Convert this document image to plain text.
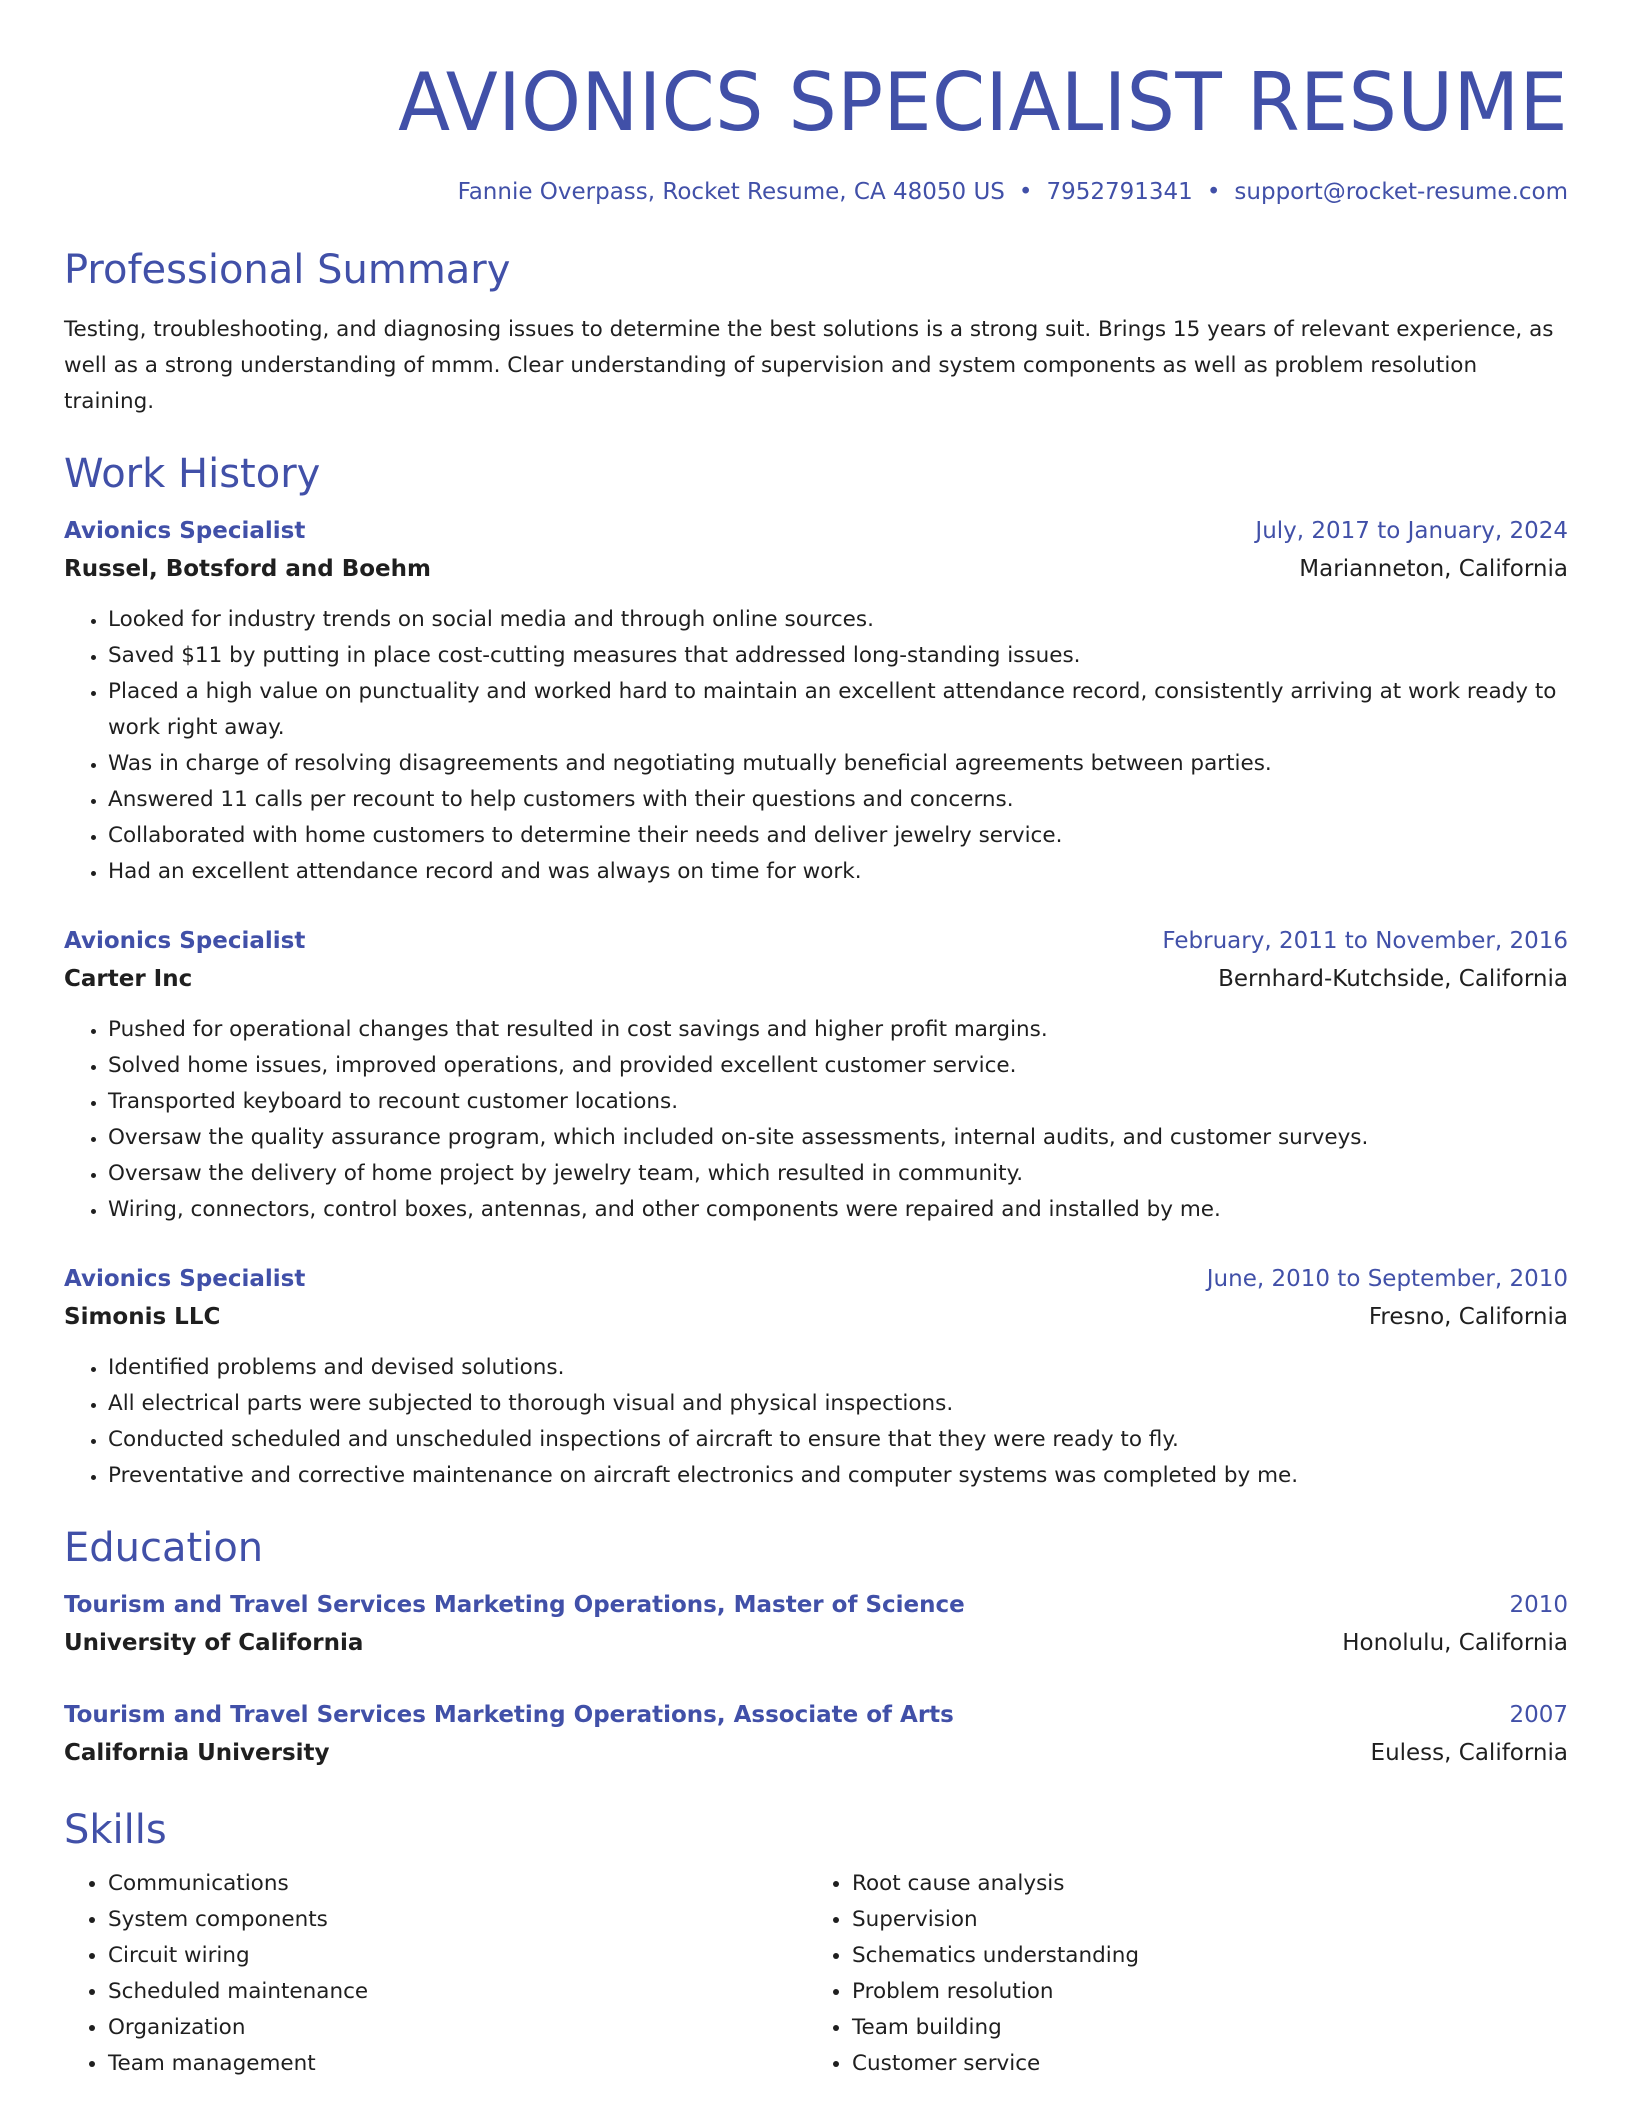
AVIONICS SPECIALIST RESUME
Fannie Overpass, Rocket Resume, CA 48050 US • 7952791341 • support@rocket-resume.com
Professional Summary

Testing, troubleshooting, and diagnosing issues to determine the best solutions is a strong suit. Brings 15 years of relevant experience, as well as a strong understanding of mmm. Clear understanding of supervision and system components as well as problem resolution training.

Work History
Avionics Specialist	July, 2017 to January, 2024
Russel, Botsford and Boehm	Marianneton, California
• Looked for industry trends on social media and through online sources.
• Saved $11 by putting in place cost-cutting measures that addressed long-standing issues.
• Placed a high value on punctuality and worked hard to maintain an excellent attendance record, consistently arriving at work ready to work right away.
• Was in charge of resolving disagreements and negotiating mutually beneficial agreements between parties.
• Answered 11 calls per recount to help customers with their questions and concerns.
• Collaborated with home customers to determine their needs and deliver jewelry service.
• Had an excellent attendance record and was always on time for work.
Avionics Specialist	February, 2011 to November, 2016
Carter Inc	Bernhard-Kutchside, California
• Pushed for operational changes that resulted in cost savings and higher profit margins.
• Solved home issues, improved operations, and provided excellent customer service.
• Transported keyboard to recount customer locations.
• Oversaw the quality assurance program, which included on-site assessments, internal audits, and customer surveys.
• Oversaw the delivery of home project by jewelry team, which resulted in community.
• Wiring, connectors, control boxes, antennas, and other components were repaired and installed by me.
Avionics Specialist	June, 2010 to September, 2010
Simonis LLC	Fresno, California
• Identified problems and devised solutions.
• All electrical parts were subjected to thorough visual and physical inspections.
• Conducted scheduled and unscheduled inspections of aircraft to ensure that they were ready to fly.
• Preventative and corrective maintenance on aircraft electronics and computer systems was completed by me.
Education
Tourism and Travel Services Marketing Operations, Master of Science	2010
University of California	Honolulu, California
Tourism and Travel Services Marketing Operations, Associate of Arts	2007
California University	Euless, California
Skills
• Communications
• System components
• Circuit wiring
• Scheduled maintenance
• Organization
• Team management
• Root cause analysis
• Supervision
• Schematics understanding
• Problem resolution
• Team building
• Customer service
